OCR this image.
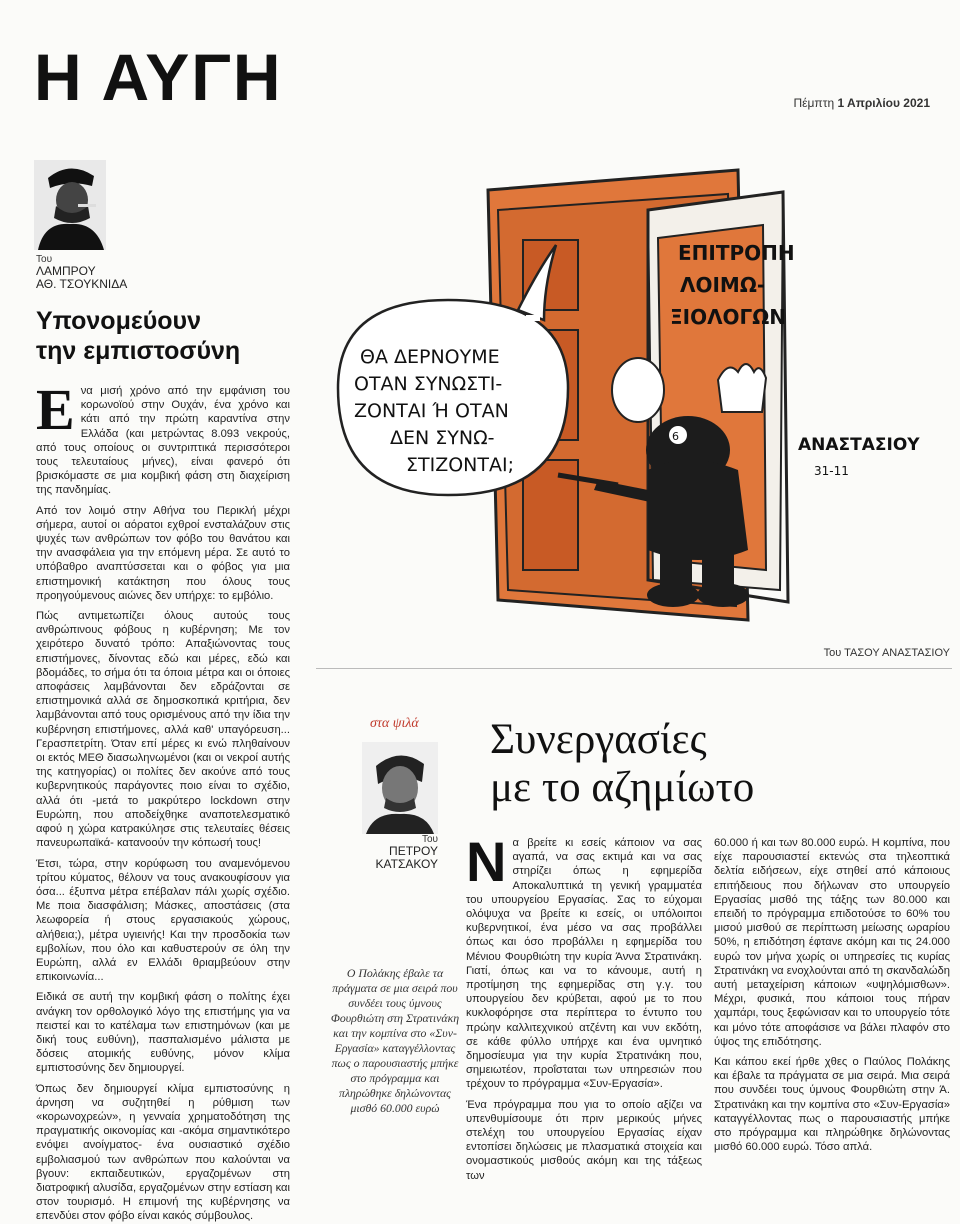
Η ΑΥΓΗ	Πέμπτη 1 Απριλίου 2021
Του
ΛΑΜΠΡΟΥ
ΑΘ. ΤΣΟΥΚΝΙΔΑ
Υπονομεύουν
την εμπιστοσύνη

Ενα μισή χρόνο από την εμφάνιση του κορωνοϊού στην Ουχάν, ένα χρόνο και κάτι από την πρώτη καραντίνα στην Ελλάδα (και μετρώντας 8.093 νεκρούς, από τους οποίους οι συντριπτικά περισσότεροι τους τελευταίους μήνες), είναι φανερό ότι βρισκόμαστε σε μια κομβική φάση στη διαχείριση της πανδημίας.

Από τον λοιμό στην Αθήνα του Περικλή μέχρι σήμερα, αυτοί οι αόρατοι εχθροί ενσταλάζουν στις ψυχές των ανθρώπων τον φόβο του θανάτου και την ανασφάλεια για την επόμενη μέρα. Σε αυτό το υπόβαθρο αναπτύσσεται και ο φόβος για μια επιστημονική κατάκτηση που όλους τους προηγούμενους αιώνες δεν υπήρχε: το εμβόλιο.

Πώς αντιμετωπίζει όλους αυτούς τους ανθρώπινους φόβους η κυβέρνηση; Με τον χειρότερο δυνατό τρόπο: Απαξιώνοντας τους επιστήμονες, δίνοντας εδώ και μέρες, εδώ και βδομάδες, το σήμα ότι τα όποια μέτρα και οι όποιες αποφάσεις λαμβάνονται δεν εδράζονται σε επιστημονικά αλλά σε δημοσκοπικά κριτήρια, δεν λαμβάνονται από τους ορισμένους από την ίδια την κυβέρνηση επιστήμονες, αλλά καθ' υπαγόρευση... Γερασπετρίτη. Όταν επί μέρες κι ενώ πληθαίνουν οι εκτός ΜΕΘ διασωληνωμένοι (και οι νεκροί αυτής της κατηγορίας) οι πολίτες δεν ακούνε από τους κυβερνητικούς παράγοντες ποιο είναι το σχέδιο, αλλά ότι -μετά το μακρύτερο lockdown στην Ευρώπη, που αποδείχθηκε αναποτελεσματικό αφού η χώρα κατρακύλησε στις τελευταίες θέσεις πανευρωπαϊκά- κατανοούν την κόπωσή τους!

Έτσι, τώρα, στην κορύφωση του αναμενόμενου τρίτου κύματος, θέλουν να τους ανακουφίσουν για όσα... έξυπνα μέτρα επέβαλαν πάλι χωρίς σχέδιο. Με ποια διασφάλιση; Μάσκες, αποστάσεις (στα λεωφορεία ή στους εργασιακούς χώρους, αλήθεια;), μέτρα υγιεινής! Και την προσδοκία των εμβολίων, που όλο και καθυστερούν σε όλη την Ευρώπη, αλλά εν Ελλάδι θριαμβεύουν στην επικοινωνία...

Ειδικά σε αυτή την κομβική φάση ο πολίτης έχει ανάγκη τον ορθολογικό λόγο της επιστήμης για να πειστεί και το κατέλαμα των επιστημόνων (και με δική τους ευθύνη), πασπαλισμένο μάλιστα με δόσεις ατομικής ευθύνης, μόνον κλίμα εμπιστοσύνης δεν δημιουργεί.

Όπως δεν δημιουργεί κλίμα εμπιστοσύνης η άρνηση να συζητηθεί η ρύθμιση των «κορωνοχρεών», η γενναία χρηματοδότηση της πραγματικής οικονομίας και -ακόμα σημαντικότερο ενόψει ανοίγματος- ένα ουσιαστικό σχέδιο εμβολιασμού των ανθρώπων που καλούνται να βγουν: εκπαιδευτικών, εργαζομένων στη διατροφική αλυσίδα, εργαζομένων στην εστίαση και στον τουρισμό. Η επιμονή της κυβέρνησης να επενδύει στον φόβο είναι κακός σύμβουλος.

ΕΠΙΤΡΟΠΗ
ΛΟΙΜΩ-
ΞΙΟΛΟΓΩΝ
6
ΘΑ ΔΕΡΝΟΥΜΕ
ΟΤΑΝ ΣΥΝΩΣΤΙ-
ΖΟΝΤΑΙ Ή ΟΤΑΝ
ΔΕΝ ΣΥΝΩ-
ΣΤΙΖΟΝΤΑΙ;
ΑΝΑΣΤΑΣΙΟΥ
31-11
Του ΤΑΣΟΥ ΑΝΑΣΤΑΣΙΟΥ
στα ψιλά Συνεργασίες
με το αζημίωτο
Του
ΠΕΤΡΟΥ
ΚΑΤΣΑΚΟΥ
Ο Πολάκης έβαλε τα πράγματα σε μια σειρά που συνδέει τους ύμνους Φουρθιώτη στη Στρατινάκη και την κομπίνα στο «Συν-Εργασία» καταγγέλλοντας πως ο παρουσιαστής μπήκε στο πρόγραμμα και πληρώθηκε δηλώνοντας μισθό 60.000 ευρώ

Να βρείτε κι εσείς κάποιον να σας αγαπά, να σας εκτιμά και να σας στηρίζει όπως η εφημερίδα Αποκαλυπτικά τη γενική γραμματέα του υπουργείου Εργασίας. Σας το εύχομαι ολόψυχα να βρείτε κι εσείς, οι υπόλοιποι κυβερνητικοί, ένα μέσο να σας προβάλλει όπως και όσο προβάλλει η εφημερίδα του Μένιου Φουρθιώτη την κυρία Άννα Στρατινάκη. Γιατί, όπως και να το κάνουμε, αυτή η προτίμηση της εφημερίδας στη γ.γ. του υπουργείου δεν κρύβεται, αφού με το που κυκλοφόρησε στα περίπτερα το έντυπο του πρώην καλλιτεχνικού ατζέντη και νυν εκδότη, σε κάθε φύλλο υπήρχε και ένα υμνητικό δημοσίευμα για την κυρία Στρατινάκη που, σημειωτέον, προΐσταται των υπηρεσιών που τρέχουν το πρόγραμμα «Συν-Εργασία».

Ένα πρόγραμμα που για το οποίο αξίζει να υπενθυμίσουμε ότι πριν μερικούς μήνες στελέχη του υπουργείου Εργασίας είχαν εντοπίσει δηλώσεις με πλασματικά στοιχεία και ονομαστικούς μισθούς ακόμη και της τάξεως των

60.000 ή και των 80.000 ευρώ. Η κομπίνα, που είχε παρουσιαστεί εκτενώς στα τηλεοπτικά δελτία ειδήσεων, είχε στηθεί από κάποιους επιτήδειους που δήλωναν στο υπουργείο Εργασίας μισθό της τάξης των 80.000 και επειδή το πρόγραμμα επιδοτούσε το 60% του μισού μισθού σε περίπτωση μείωσης ωραρίου 50%, η επιδότηση έφτανε ακόμη και τις 24.000 ευρώ τον μήνα χωρίς οι υπηρεσίες τις κυρίας Στρατινάκη να ενοχλούνται από τη σκανδαλώδη αυτή μεταχείριση κάποιων «υψηλόμισθων». Μέχρι, φυσικά, που κάποιοι τους πήραν χαμπάρι, τους ξεφώνισαν και το υπουργείο τότε και μόνο τότε αποφάσισε να βάλει πλαφόν στο ύψος της επιδότησης.

Και κάπου εκεί ήρθε χθες ο Παύλος Πολάκης και έβαλε τα πράγματα σε μια σειρά. Μια σειρά που συνδέει τους ύμνους Φουρθιώτη στην Ά. Στρατινάκη και την κομπίνα στο «Συν-Εργασία» καταγγέλλοντας πως ο παρουσιαστής μπήκε στο πρόγραμμα και πληρώθηκε δηλώνοντας μισθό 60.000 ευρώ. Τόσο απλά.
